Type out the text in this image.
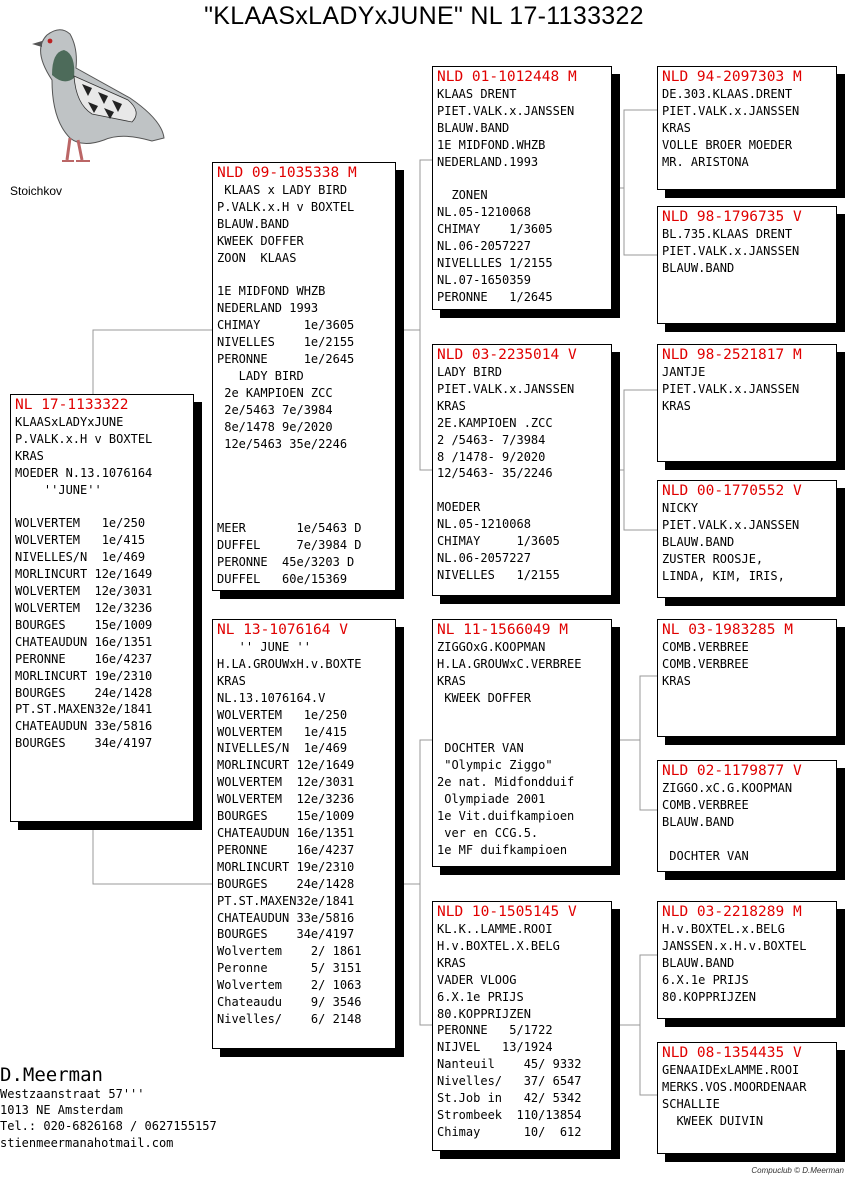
"KLAASxLADYxJUNE" NL 17-1133322
Stoichkov
NL 17-1133322
KLAASxLADYxJUNE
P.VALK.x.H v BOXTEL
KRAS
MOEDER N.13.1076164
''JUNE''

WOLVERTEM   1e/250
WOLVERTEM   1e/415
NIVELLES/N  1e/469
MORLINCURT 12e/1649
WOLVERTEM  12e/3031
WOLVERTEM  12e/3236
BOURGES    15e/1009
CHATEAUDUN 16e/1351
PERONNE    16e/4237
MORLINCURT 19e/2310
BOURGES    24e/1428
PT.ST.MAXEN32e/1841
CHATEAUDUN 33e/5816
BOURGES    34e/4197
NLD 09-1035338 M
KLAAS x LADY BIRD
P.VALK.x.H v BOXTEL
BLAUW.BAND
KWEEK DOFFER
ZOON  KLAAS

1E MIDFOND WHZB
NEDERLAND 1993
CHIMAY      1e/3605
NIVELLES    1e/2155
PERONNE     1e/2645
LADY BIRD
2e KAMPIOEN ZCC
2e/5463 7e/3984
8e/1478 9e/2020
12e/5463 35e/2246

MEER       1e/5463 D
DUFFEL     7e/3984 D
PERONNE  45e/3203 D
DUFFEL   60e/15369
NL 13-1076164 V
'' JUNE ''
H.LA.GROUWxH.v.BOXTE
KRAS
NL.13.1076164.V
WOLVERTEM   1e/250
WOLVERTEM   1e/415
NIVELLES/N  1e/469
MORLINCURT 12e/1649
WOLVERTEM  12e/3031
WOLVERTEM  12e/3236
BOURGES    15e/1009
CHATEAUDUN 16e/1351
PERONNE    16e/4237
MORLINCURT 19e/2310
BOURGES    24e/1428
PT.ST.MAXEN32e/1841
CHATEAUDUN 33e/5816
BOURGES    34e/4197
Wolvertem    2/ 1861
Peronne      5/ 3151
Wolvertem    2/ 1063
Chateaudu    9/ 3546
Nivelles/    6/ 2148
NLD 01-1012448 M
KLAAS DRENT
PIET.VALK.x.JANSSEN
BLAUW.BAND
1E MIDFOND.WHZB
NEDERLAND.1993

ZONEN
NL.05-1210068
CHIMAY    1/3605
NL.06-2057227
NIVELLLES 1/2155
NL.07-1650359
PERONNE   1/2645
NLD 03-2235014 V
LADY BIRD
PIET.VALK.x.JANSSEN
KRAS
2E.KAMPIOEN .ZCC
2 /5463- 7/3984
8 /1478- 9/2020
12/5463- 35/2246

MOEDER
NL.05-1210068
CHIMAY     1/3605
NL.06-2057227
NIVELLES   1/2155
NL 11-1566049 M
ZIGGOxG.KOOPMAN
H.LA.GROUWxC.VERBREE
KRAS
KWEEK DOFFER

DOCHTER VAN
"Olympic Ziggo"
2e nat. Midfondduif
Olympiade 2001
1e Vit.duifkampioen
ver en CCG.5.
1e MF duifkampioen
NLD 10-1505145 V
KL.K..LAMME.ROOI
H.v.BOXTEL.X.BELG
KRAS
VADER VLOOG
6.X.1e PRIJS
80.KOPPRIJZEN
PERONNE   5/1722
NIJVEL   13/1924
Nanteuil    45/ 9332
Nivelles/   37/ 6547
St.Job in   42/ 5342
Strombeek  110/13854
Chimay      10/  612
NLD 94-2097303 M
DE.303.KLAAS.DRENT
PIET.VALK.x.JANSSEN
KRAS
VOLLE BROER MOEDER
MR. ARISTONA
NLD 98-1796735 V
BL.735.KLAAS DRENT
PIET.VALK.x.JANSSEN
BLAUW.BAND
NLD 98-2521817 M
JANTJE
PIET.VALK.x.JANSSEN
KRAS
NLD 00-1770552 V
NICKY
PIET.VALK.x.JANSSEN
BLAUW.BAND
ZUSTER ROOSJE,
LINDA, KIM, IRIS,
NL 03-1983285 M
COMB.VERBREE
COMB.VERBREE
KRAS
NLD 02-1179877 V
ZIGGO.xC.G.KOOPMAN
COMB.VERBREE
BLAUW.BAND

DOCHTER VAN
NLD 03-2218289 M
H.v.BOXTEL.x.BELG
JANSSEN.x.H.v.BOXTEL
BLAUW.BAND
6.X.1e PRIJS
80.KOPPRIJZEN
NLD 08-1354435 V
GENAAIDExLAMME.ROOI
MERKS.VOS.MOORDENAAR
SCHALLIE
KWEEK DUIVIN
D.Meerman
Westzaanstraat 57'''
1013 NE Amsterdam
Tel.: 020-6826168 / 0627155157
stienmeermanahotmail.com
Compuclub © D.Meerman
